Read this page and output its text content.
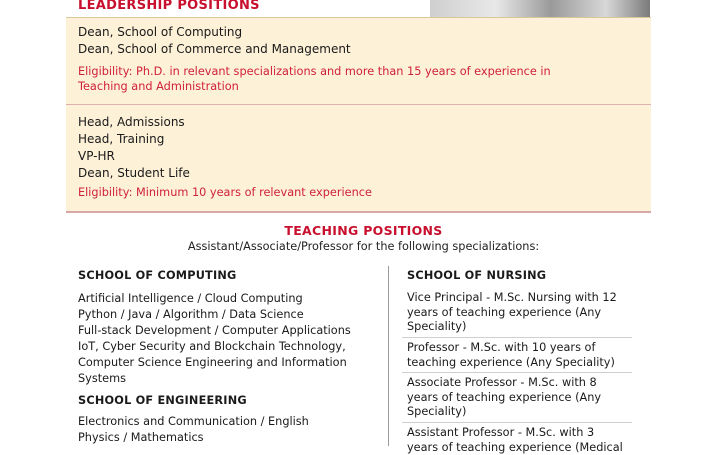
LEADERSHIP POSITIONS
Dean, School of Computing
Dean, School of Commerce and Management
Eligibility: Ph.D. in relevant specializations and more than 15 years of experience in
Teaching and Administration
Head, Admissions
Head, Training
VP-HR
Dean, Student Life
Eligibility: Minimum 10 years of relevant experience
TEACHING POSITIONS
Assistant/Associate/Professor for the following specializations:
SCHOOL OF COMPUTING
Artificial Intelligence / Cloud Computing
Python / Java / Algorithm / Data Science
Full-stack Development / Computer Applications
IoT, Cyber Security and Blockchain Technology,
Computer Science Engineering and Information
Systems
SCHOOL OF ENGINEERING
Electronics and Communication / English
Physics / Mathematics
SCHOOL OF NURSING
Vice Principal - M.Sc. Nursing with 12
years of teaching experience (Any
Speciality)
Professor - M.Sc. with 10 years of
teaching experience (Any Speciality)
Associate Professor - M.Sc. with 8
years of teaching experience (Any
Speciality)
Assistant Professor - M.Sc. with 3
years of teaching experience (Medical
